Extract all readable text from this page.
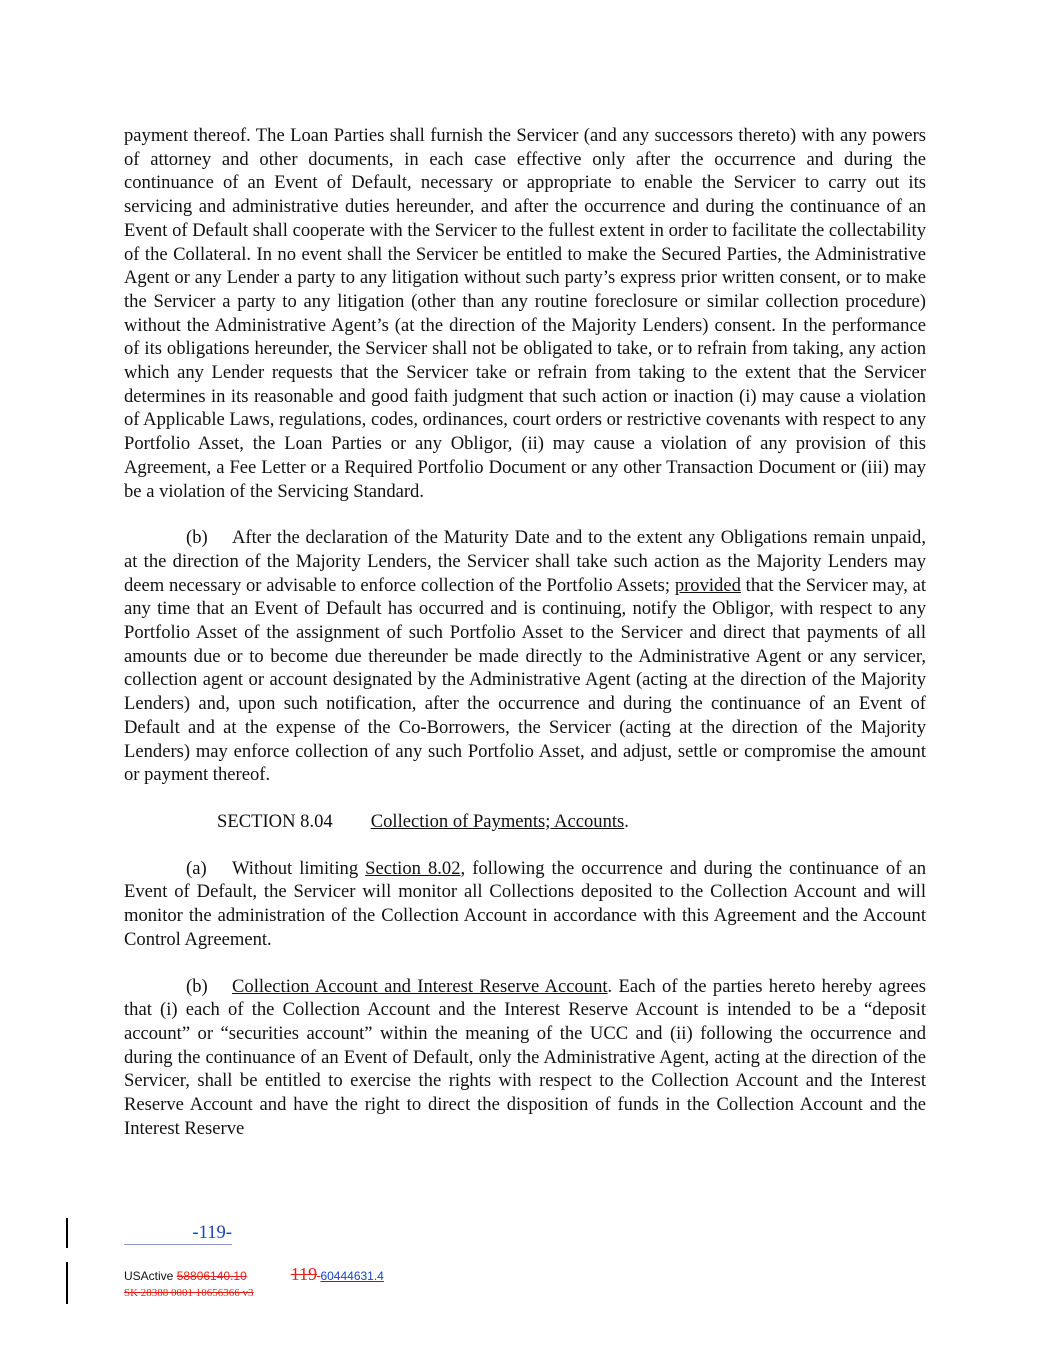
payment thereof. The Loan Parties shall furnish the Servicer (and any successors thereto) with any powers of attorney and other documents, in each case effective only after the occurrence and during the continuance of an Event of Default, necessary or appropriate to enable the Servicer to carry out its servicing and administrative duties hereunder, and after the occurrence and during the continuance of an Event of Default shall cooperate with the Servicer to the fullest extent in order to facilitate the collectability of the Collateral. In no event shall the Servicer be entitled to make the Secured Parties, the Administrative Agent or any Lender a party to any litigation without such party’s express prior written consent, or to make the Servicer a party to any litigation (other than any routine foreclosure or similar collection procedure) without the Administrative Agent’s (at the direction of the Majority Lenders) consent. In the performance of its obligations hereunder, the Servicer shall not be obligated to take, or to refrain from taking, any action which any Lender requests that the Servicer take or refrain from taking to the extent that the Servicer determines in its reasonable and good faith judgment that such action or inaction (i) may cause a violation of Applicable Laws, regulations, codes, ordinances, court orders or restrictive covenants with respect to any Portfolio Asset, the Loan Parties or any Obligor, (ii) may cause a violation of any provision of this Agreement, a Fee Letter or a Required Portfolio Document or any other Transaction Document or (iii) may be a violation of the Servicing Standard.

(b) After the declaration of the Maturity Date and to the extent any Obligations remain unpaid, at the direction of the Majority Lenders, the Servicer shall take such action as the Majority Lenders may deem necessary or advisable to enforce collection of the Portfolio Assets; provided that the Servicer may, at any time that an Event of Default has occurred and is continuing, notify the Obligor, with respect to any Portfolio Asset of the assignment of such Portfolio Asset to the Servicer and direct that payments of all amounts due or to become due thereunder be made directly to the Administrative Agent or any servicer, collection agent or account designated by the Administrative Agent (acting at the direction of the Majority Lenders) and, upon such notification, after the occurrence and during the continuance of an Event of Default and at the expense of the Co-Borrowers, the Servicer (acting at the direction of the Majority Lenders) may enforce collection of any such Portfolio Asset, and adjust, settle or compromise the amount or payment thereof.

SECTION 8.04 Collection of Payments; Accounts.

(a) Without limiting Section 8.02, following the occurrence and during the continuance of an Event of Default, the Servicer will monitor all Collections deposited to the Collection Account and will monitor the administration of the Collection Account in accordance with this Agreement and the Account Control Agreement.

(b) Collection Account and Interest Reserve Account. Each of the parties hereto hereby agrees that (i) each of the Collection Account and the Interest Reserve Account is intended to be a “deposit account” or “securities account” within the meaning of the UCC and (ii) following the occurrence and during the continuance of an Event of Default, only the Administrative Agent, acting at the direction of the Servicer, shall be entitled to exercise the rights with respect to the Collection Account and the Interest Reserve Account and have the right to direct the disposition of funds in the Collection Account and the Interest Reserve

-119-
USActive 58806140.10 119 60444631.4
SK 28388 0001 10656366 v3
